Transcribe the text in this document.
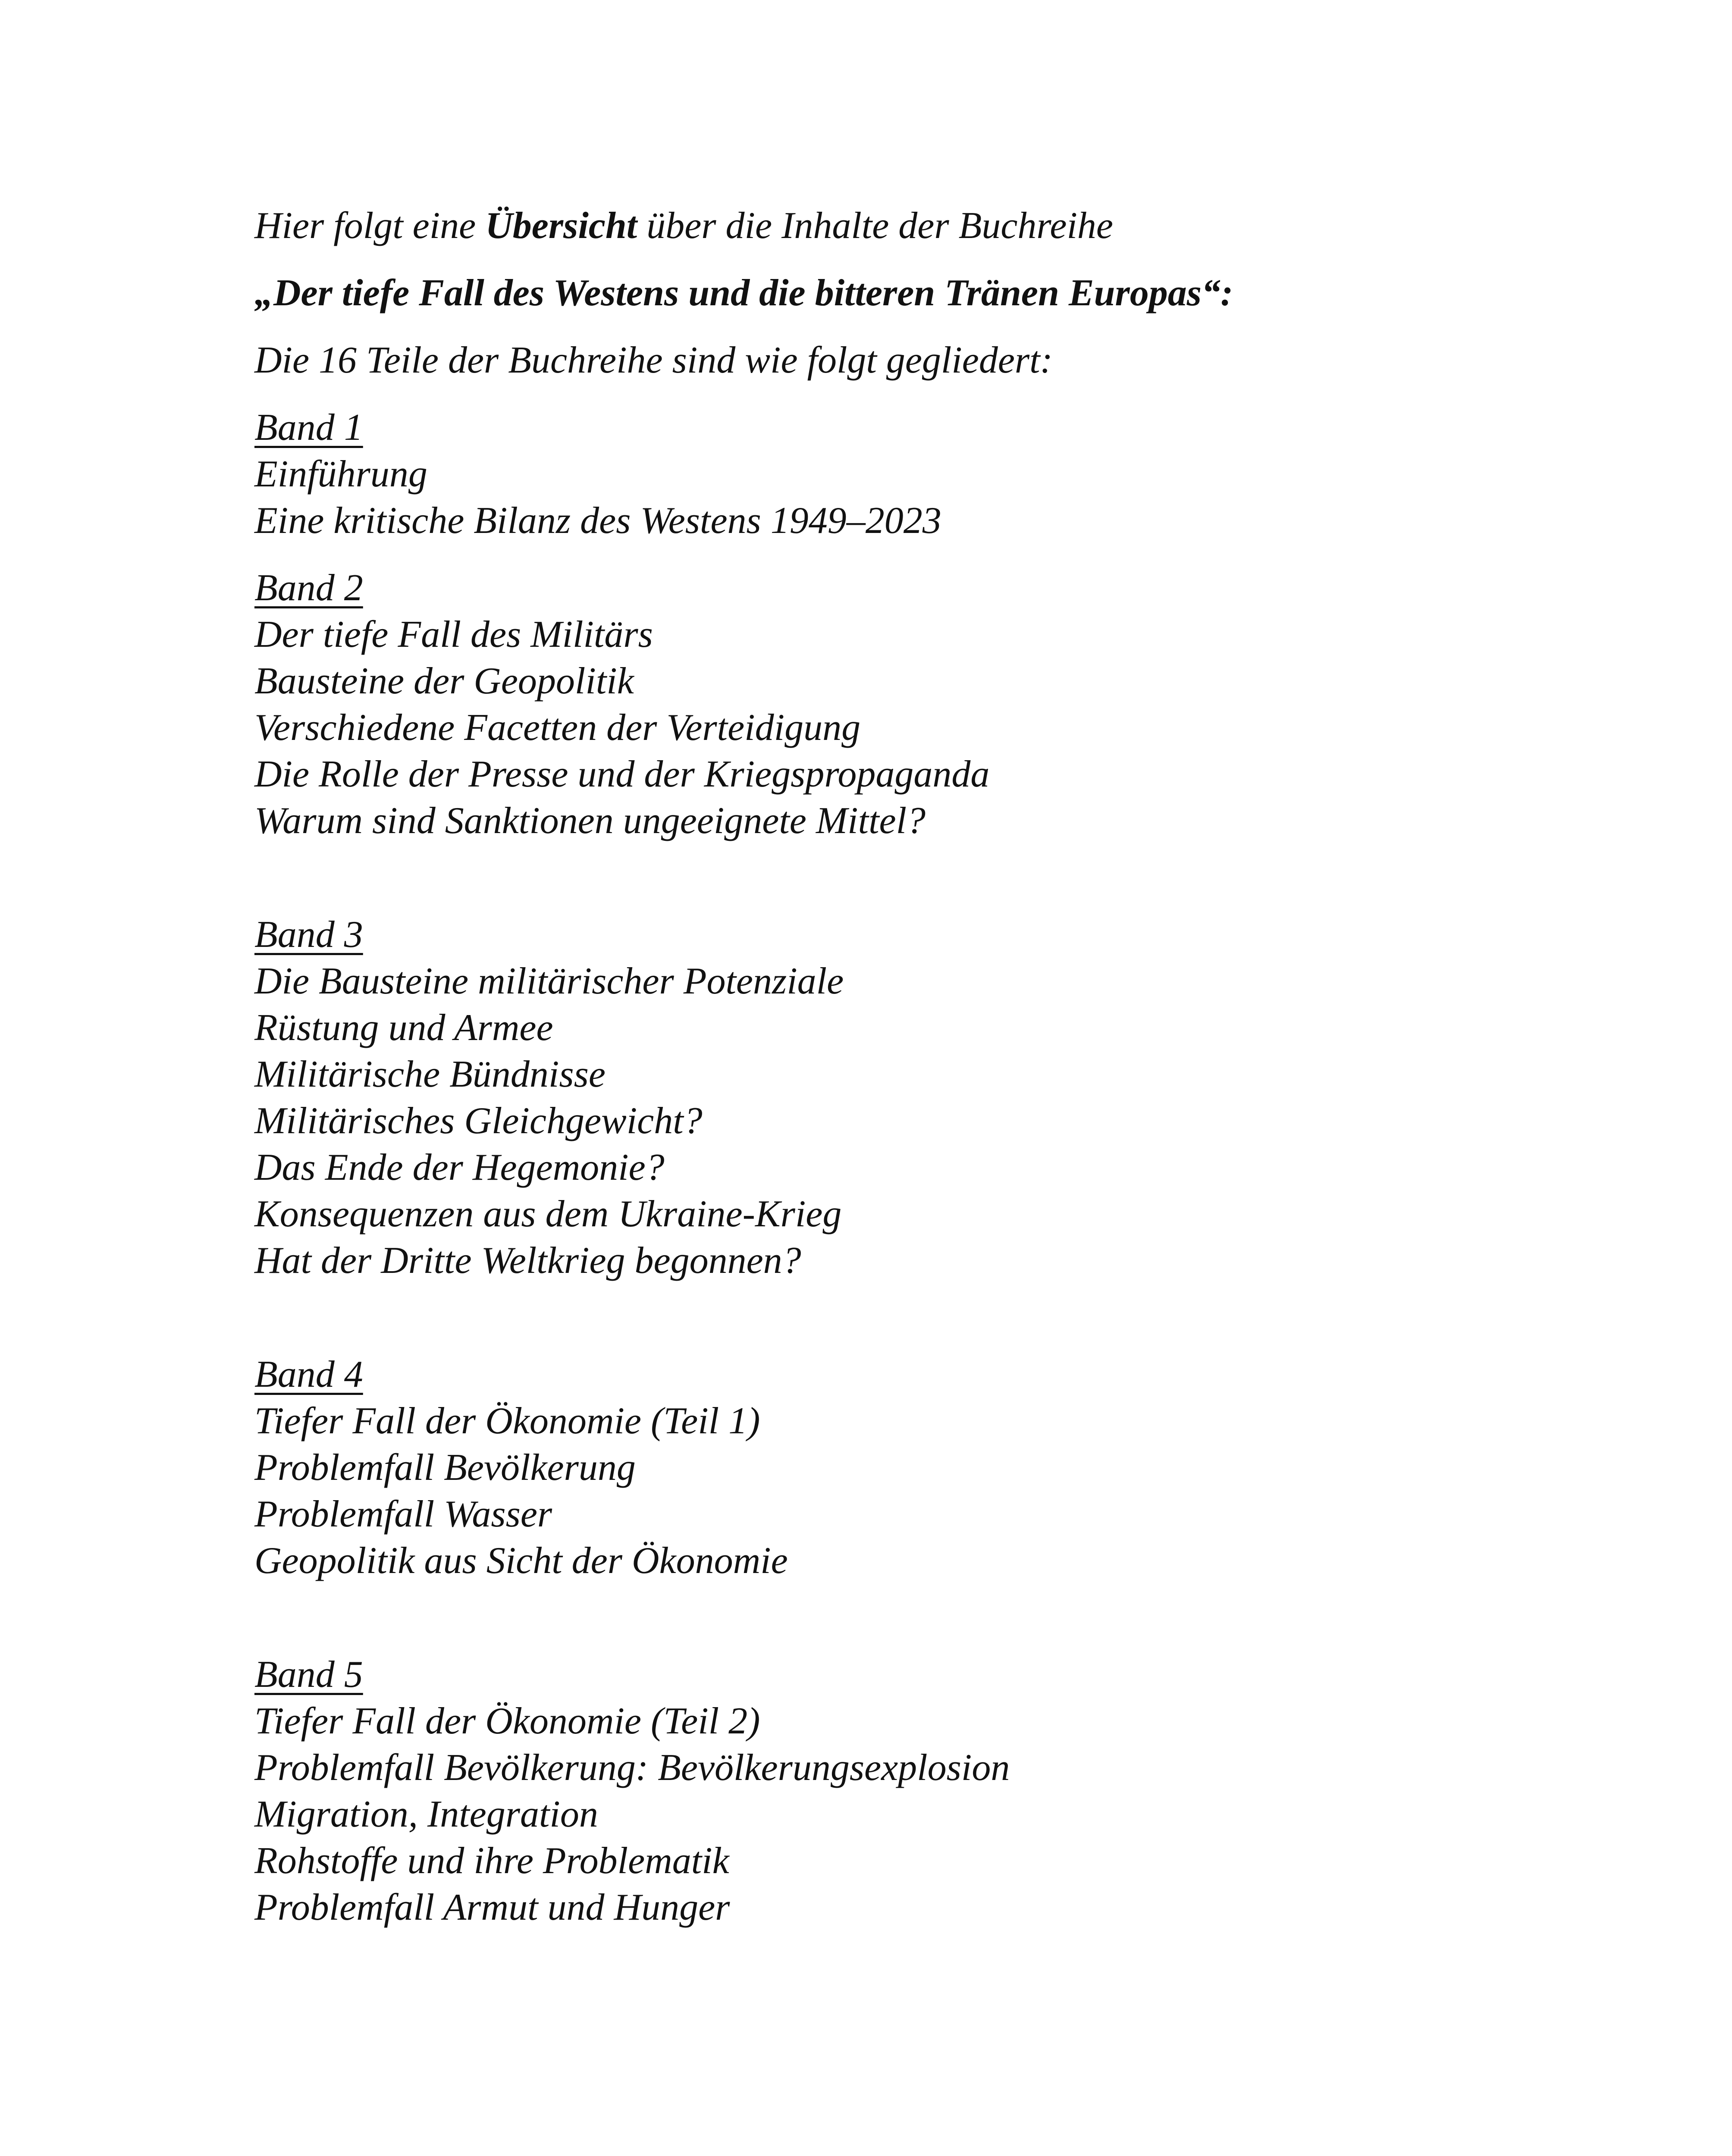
Hier folgt eine Übersicht über die Inhalte der Buchreihe

„Der tiefe Fall des Westens und die bitteren Tränen Europas“:

Die 16 Teile der Buchreihe sind wie folgt gegliedert:

Band 1
Einführung
Eine kritische Bilanz des Westens 1949–2023
Band 2
Der tiefe Fall des Militärs
Bausteine der Geopolitik
Verschiedene Facetten der Verteidigung
Die Rolle der Presse und der Kriegspropaganda
Warum sind Sanktionen ungeeignete Mittel?
Band 3
Die Bausteine militärischer Potenziale
Rüstung und Armee
Militärische Bündnisse
Militärisches Gleichgewicht?
Das Ende der Hegemonie?
Konsequenzen aus dem Ukraine-Krieg
Hat der Dritte Weltkrieg begonnen?
Band 4
Tiefer Fall der Ökonomie (Teil 1)
Problemfall Bevölkerung
Problemfall Wasser
Geopolitik aus Sicht der Ökonomie
Band 5
Tiefer Fall der Ökonomie (Teil 2)
Problemfall Bevölkerung: Bevölkerungsexplosion
Migration, Integration
Rohstoffe und ihre Problematik
Problemfall Armut und Hunger
